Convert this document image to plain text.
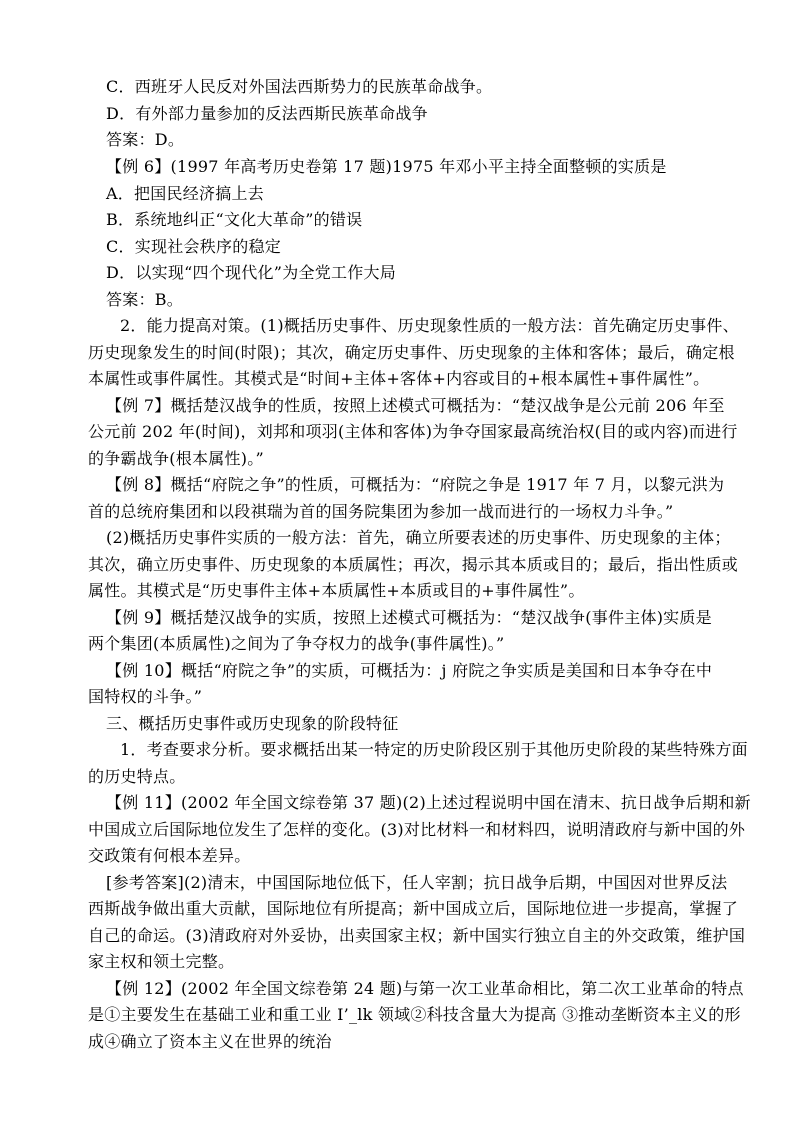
C．西班牙人民反对外国法西斯势力的民族革命战争。
D．有外部力量参加的反法西斯民族革命战争
答案：D。
【例 6】(1997 年高考历史卷第 17 题)1975 年邓小平主持全面整顿的实质是
A．把国民经济搞上去
B．系统地纠正“文化大革命”的错误
C．实现社会秩序的稳定
D．以实现“四个现代化”为全党工作大局
答案：B。
2．能力提高对策。(1)概括历史事件、历史现象性质的一般方法：首先确定历史事件、
历史现象发生的时间(时限)；其次，确定历史事件、历史现象的主体和客体；最后，确定根
本属性或事件属性。其模式是“时间+主体+客体+内容或目的+根本属性+事件属性”。
【例 7】概括楚汉战争的性质，按照上述模式可概括为：“楚汉战争是公元前 206 年至
公元前 202 年(时间)，刘邦和项羽(主体和客体)为争夺国家最高统治权(目的或内容)而进行
的争霸战争(根本属性)。”
【例 8】概括“府院之争”的性质，可概括为：“府院之争是 1917 年 7 月，以黎元洪为
首的总统府集团和以段祺瑞为首的国务院集团为参加一战而进行的一场权力斗争。”
(2)概括历史事件实质的一般方法：首先，确立所要表述的历史事件、历史现象的主体；
其次，确立历史事件、历史现象的本质属性；再次，揭示其本质或目的；最后，指出性质或
属性。其模式是“历史事件主体+本质属性+本质或目的+事件属性”。
【例 9】概括楚汉战争的实质，按照上述模式可概括为：“楚汉战争(事件主体)实质是
两个集团(本质属性)之间为了争夺权力的战争(事件属性)。”
【例 10】概括“府院之争”的实质，可概括为：j 府院之争实质是美国和日本争夺在中
国特权的斗争。”
三、概括历史事件或历史现象的阶段特征
1．考查要求分析。要求概括出某一特定的历史阶段区别于其他历史阶段的某些特殊方面
的历史特点。
【例 11】(2002 年全国文综卷第 37 题)(2)上述过程说明中国在清末、抗日战争后期和新
中国成立后国际地位发生了怎样的变化。(3)对比材料一和材料四，说明清政府与新中国的外
交政策有何根本差异。
[参考答案](2)清末，中国国际地位低下，任人宰割；抗日战争后期，中国因对世界反法
西斯战争做出重大贡献，国际地位有所提高；新中国成立后，国际地位进一步提高，掌握了
自己的命运。(3)清政府对外妥协，出卖国家主权；新中国实行独立自主的外交政策，维护国
家主权和领土完整。
【例 12】(2002 年全国文综卷第 24 题)与第一次工业革命相比，第二次工业革命的特点
是①主要发生在基础工业和重工业 I’_lk 领域②科技含量大为提高 ③推动垄断资本主义的形
成④确立了资本主义在世界的统治
